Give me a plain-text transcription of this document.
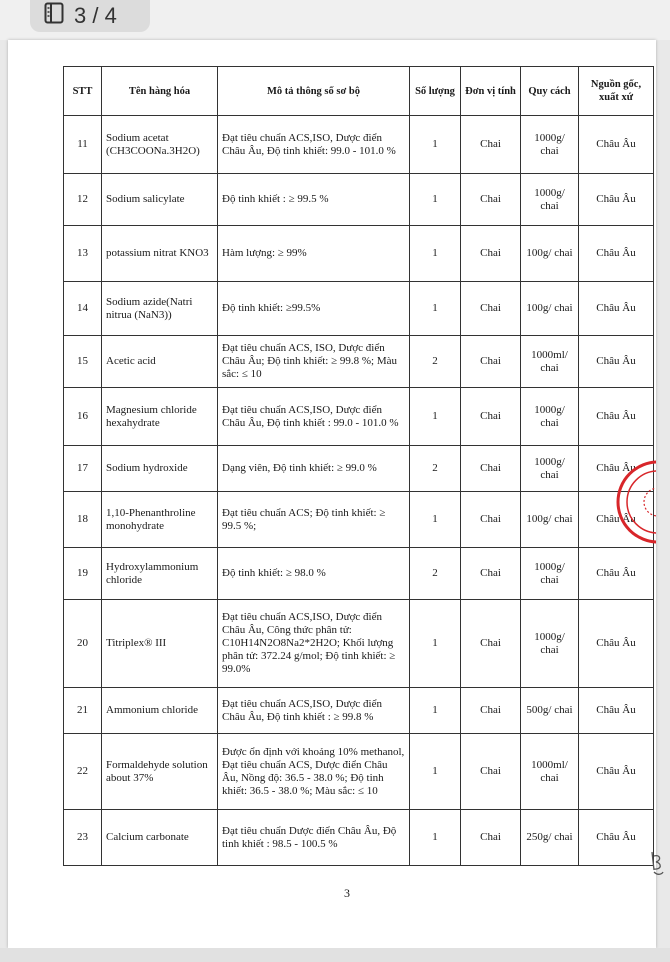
3 / 4
STT	Tên hàng hóa	Mô tả thông số sơ bộ	Số lượng	Đơn vị tính	Quy cách	Nguồn gốc, xuất xứ
11	Sodium acetat (CH3COONa.3H2O)	Đạt tiêu chuẩn ACS,ISO, Dược điển Châu Âu, Độ tinh khiết: 99.0 - 101.0 %	1	Chai	1000g/ chai	Châu Âu
12	Sodium salicylate	Độ tinh khiết : ≥ 99.5 %	1	Chai	1000g/ chai	Châu Âu
13	potassium nitrat KNO3	Hàm lượng: ≥ 99%	1	Chai	100g/ chai	Châu Âu
14	Sodium azide(Natri nitrua (NaN3))	Độ tinh khiết: ≥99.5%	1	Chai	100g/ chai	Châu Âu
15	Acetic acid	Đạt tiêu chuẩn ACS, ISO, Dược điển Châu Âu; Độ tinh khiết: ≥ 99.8 %; Màu sắc: ≤ 10	2	Chai	1000ml/ chai	Châu Âu
16	Magnesium chloride hexahydrate	Đạt tiêu chuẩn ACS,ISO, Dược điển Châu Âu, Độ tinh khiết : 99.0 - 101.0 %	1	Chai	1000g/ chai	Châu Âu
17	Sodium hydroxide	Dạng viên, Độ tinh khiết: ≥ 99.0 %	2	Chai	1000g/ chai	Châu Âu
18	1,10-Phenanthroline monohydrate	Đạt tiêu chuẩn ACS; Độ tinh khiết: ≥ 99.5 %;	1	Chai	100g/ chai	Châu Âu
19	Hydroxylammonium chloride	Độ tinh khiết: ≥ 98.0 %	2	Chai	1000g/ chai	Châu Âu
20	Titriplex® III	Đạt tiêu chuẩn ACS,ISO, Dược điển Châu Âu, Công thức phân tử: C10H14N2O8Na2*2H2O; Khối lượng phân tử: 372.24 g/mol; Độ tinh khiết: ≥ 99.0%	1	Chai	1000g/ chai	Châu Âu
21	Ammonium chloride	Đạt tiêu chuẩn ACS,ISO, Dược điển Châu Âu, Độ tinh khiết : ≥ 99.8 %	1	Chai	500g/ chai	Châu Âu
22	Formaldehyde solution about 37%	Được ổn định với khoảng 10% methanol, Đạt tiêu chuẩn ACS, Dược điển Châu Âu, Nồng độ: 36.5 - 38.0 %; Độ tinh khiết: 36.5 - 38.0 %; Màu sắc: ≤ 10	1	Chai	1000ml/ chai	Châu Âu
23	Calcium carbonate	Đạt tiêu chuẩn Dược điển Châu Âu, Độ tinh khiết : 98.5 - 100.5 %	1	Chai	250g/ chai	Châu Âu
3
